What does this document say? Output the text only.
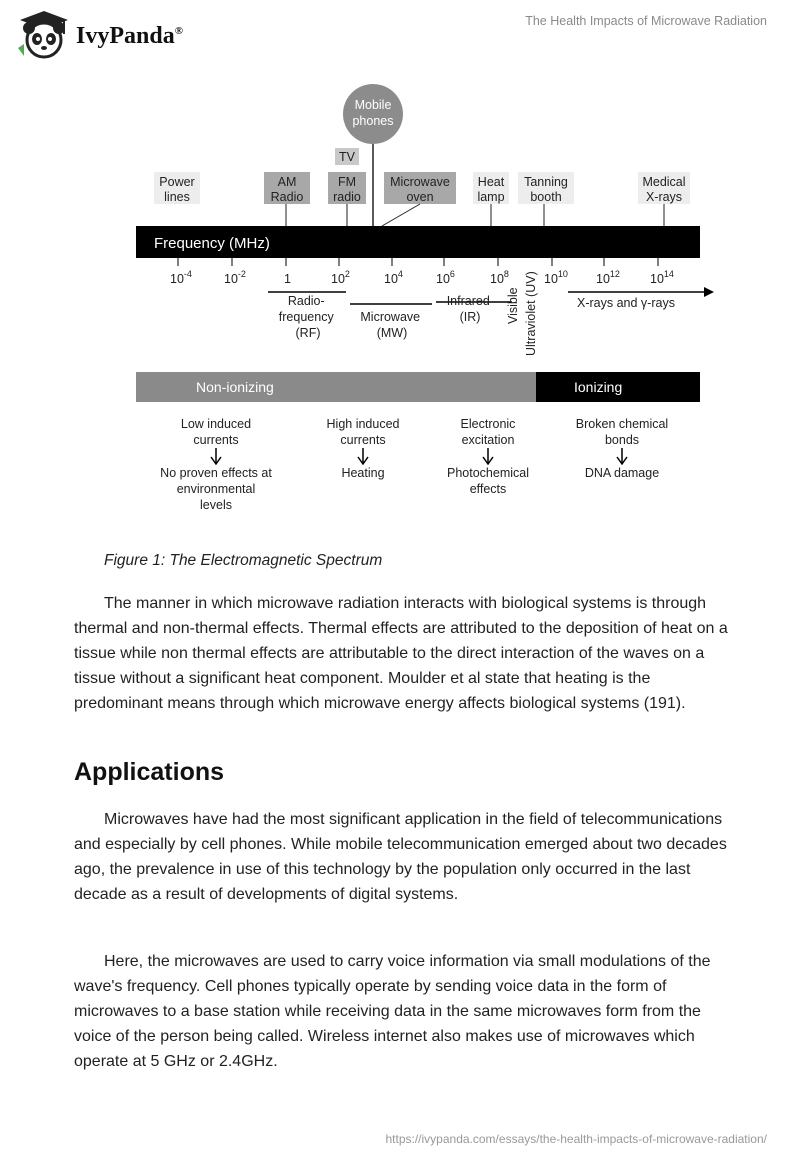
IvyPanda®
The Health Impacts of Microwave Radiation
Mobile phones
TV
Power lines
AM Radio
FM radio
Microwave oven
Heat lamp
Tanning booth
Medical X-rays
Frequency (MHz)
$10^{-4}$	$10^{-2}$	1	$10^2$	$10^4$	$10^6$	$10^8$	$10^{10}$ $10^{12}$ $10^{14}$
Radio- frequency (RF)
Microwave (MW)
Infrared (IR)	Visible Ultraviolet (UV)	X-rays and γ-rays
Non-ionizing	Ionizing
Low induced currents
No proven effects at environmental levels
High induced currents
Heating
Electronic excitation
Photochemical effects
Broken chemical bonds
DNA damage
Figure 1: The Electromagnetic Spectrum

The manner in which microwave radiation interacts with biological systems is through thermal and non-thermal effects. Thermal effects are attributed to the deposition of heat on a tissue while non thermal effects are attributable to the direct interaction of the waves on a tissue without a significant heat component. Moulder et al state that heating is the predominant means through which microwave energy affects biological systems (191).

Applications

Microwaves have had the most significant application in the field of telecommunications and especially by cell phones. While mobile telecommunication emerged about two decades ago, the prevalence in use of this technology by the population only occurred in the last decade as a result of developments of digital systems.

Here, the microwaves are used to carry voice information via small modulations of the wave's frequency. Cell phones typically operate by sending voice data in the form of microwaves to a base station while receiving data in the same microwaves form from the voice of the person being called. Wireless internet also makes use of microwaves which operate at 5 GHz or 2.4GHz.

https://ivypanda.com/essays/the-health-impacts-of-microwave-radiation/
